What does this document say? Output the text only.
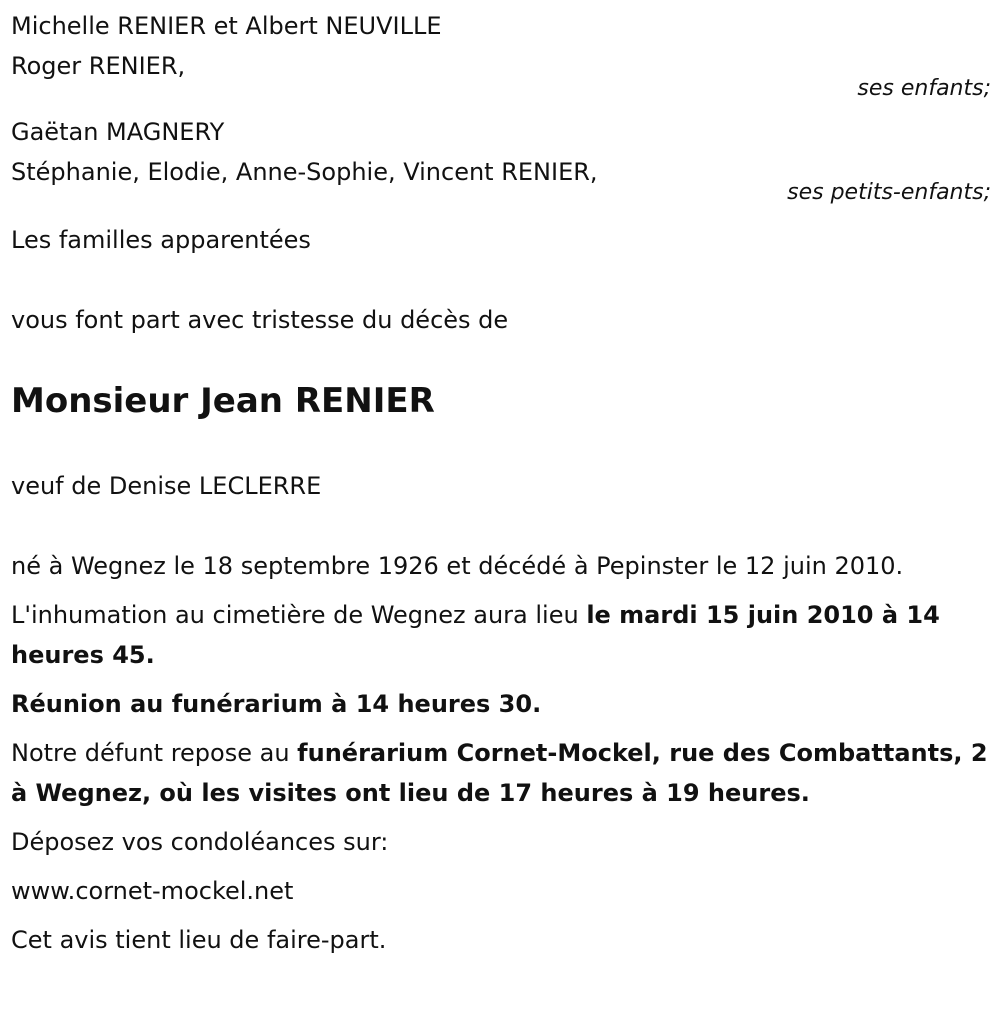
Michelle RENIER et Albert NEUVILLE
Roger RENIER,
ses enfants;
Gaëtan MAGNERY
Stéphanie, Elodie, Anne-Sophie, Vincent RENIER,
ses petits-enfants;
Les familles apparentées
vous font part avec tristesse du décès de
Monsieur Jean RENIER
veuf de Denise LECLERRE
né à Wegnez le 18 septembre 1926 et décédé à Pepinster le 12 juin 2010.
L'inhumation au cimetière de Wegnez aura lieu le mardi 15 juin 2010 à 14 heures 45.
Réunion au funérarium à 14 heures 30.
Notre défunt repose au funérarium Cornet-Mockel, rue des Combattants, 2 à Wegnez, où les visites ont lieu de 17 heures à 19 heures.
Déposez vos condoléances sur:
www.cornet-mockel.net
Cet avis tient lieu de faire-part.
